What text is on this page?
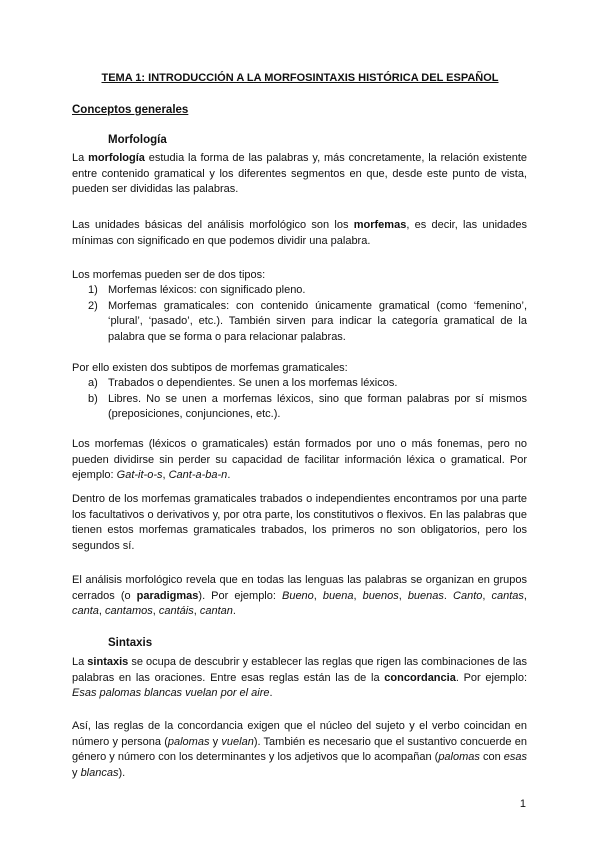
TEMA 1: INTRODUCCIÓN A LA MORFOSINTAXIS HISTÓRICA DEL ESPAÑOL
Conceptos generales
Morfología
La morfología estudia la forma de las palabras y, más concretamente, la relación existente entre contenido gramatical y los diferentes segmentos en que, desde este punto de vista, pueden ser divididas las palabras.
Las unidades básicas del análisis morfológico son los morfemas, es decir, las unidades mínimas con significado en que podemos dividir una palabra.
Los morfemas pueden ser de dos tipos:
1) Morfemas léxicos: con significado pleno.
2) Morfemas gramaticales: con contenido únicamente gramatical (como ‘femenino’, ‘plural’, ‘pasado’, etc.). También sirven para indicar la categoría gramatical de la palabra que se forma o para relacionar palabras.
Por ello existen dos subtipos de morfemas gramaticales:
a) Trabados o dependientes. Se unen a los morfemas léxicos.
b) Libres. No se unen a morfemas léxicos, sino que forman palabras por sí mismos (preposiciones, conjunciones, etc.).
Los morfemas (léxicos o gramaticales) están formados por uno o más fonemas, pero no pueden dividirse sin perder su capacidad de facilitar información léxica o gramatical. Por ejemplo: Gat-it-o-s, Cant-a-ba-n.
Dentro de los morfemas gramaticales trabados o independientes encontramos por una parte los facultativos o derivativos y, por otra parte, los constitutivos o flexivos. En las palabras que tienen estos morfemas gramaticales trabados, los primeros no son obligatorios, pero los segundos sí.
El análisis morfológico revela que en todas las lenguas las palabras se organizan en grupos cerrados (o paradigmas). Por ejemplo: Bueno, buena, buenos, buenas. Canto, cantas, canta, cantamos, cantáis, cantan.
Sintaxis
La sintaxis se ocupa de descubrir y establecer las reglas que rigen las combinaciones de las palabras en las oraciones. Entre esas reglas están las de la concordancia. Por ejemplo: Esas palomas blancas vuelan por el aire.
Así, las reglas de la concordancia exigen que el núcleo del sujeto y el verbo coincidan en número y persona (palomas y vuelan). También es necesario que el sustantivo concuerde en género y número con los determinantes y los adjetivos que lo acompañan (palomas con esas y blancas).
1
